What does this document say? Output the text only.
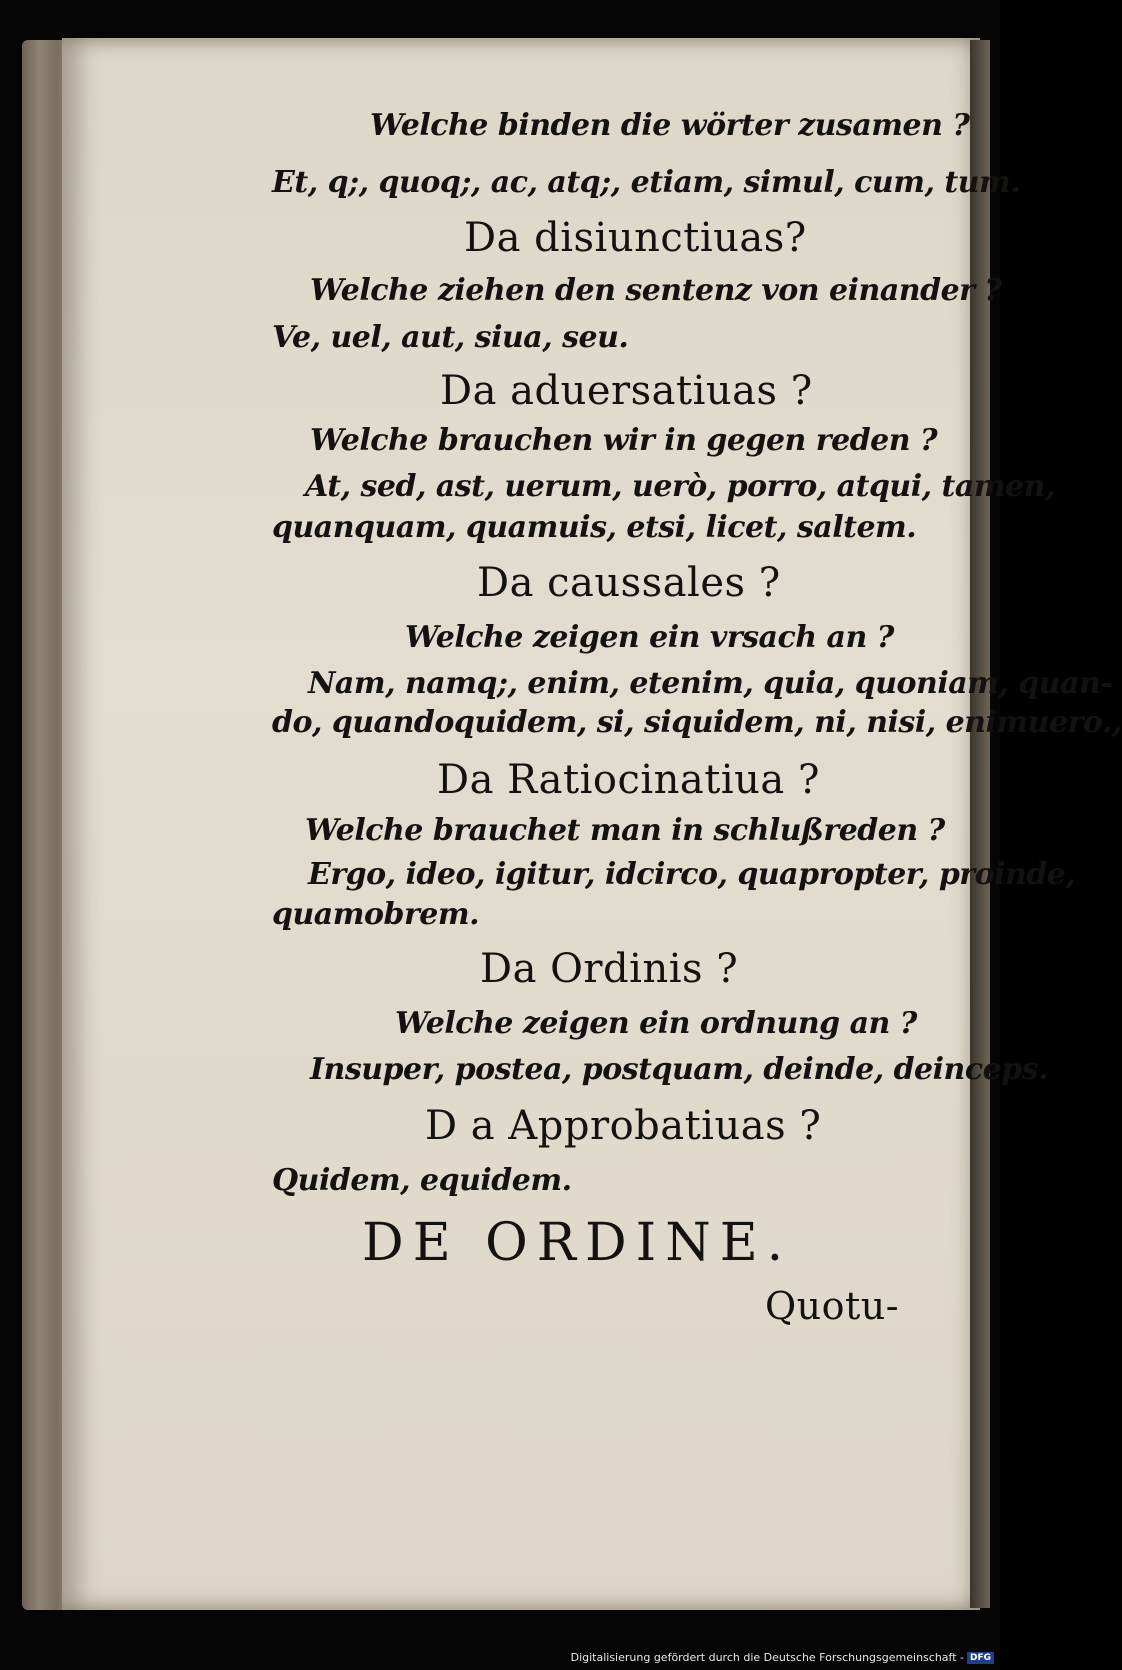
Welche binden die wörter zusamen ?
Et, q;, quoq;, ac, atq;, etiam, simul, cum, tum.
Da disiunctiuas?
Welche ziehen den sentenz von einander ?
Ve, uel, aut, siua, seu.
Da aduersatiuas ?
Welche brauchen wir in gegen reden ?
At, sed, ast, uerum, uerò, porro, atqui, tamen,
quanquam, quamuis, etsi, licet, saltem.
Da caussales ?
Welche zeigen ein vrsach an ?
Nam, namq;, enim, etenim, quia, quoniam, quan-
do, quandoquidem, si, siquidem, ni, nisi, enimuero.,
Da Ratiocinatiua ?
Welche brauchet man in schlußreden ?
Ergo, ideo, igitur, idcirco, quapropter, proinde,
quamobrem.
Da Ordinis ?
Welche zeigen ein ordnung an ?
Insuper, postea, postquam, deinde, deinceps.
D a Approbatiuas ?
Quidem, equidem.
DE ORDINE.
Quotu-
Digitalisierung gefördert durch die Deutsche Forschungsgemeinschaft - DFG
